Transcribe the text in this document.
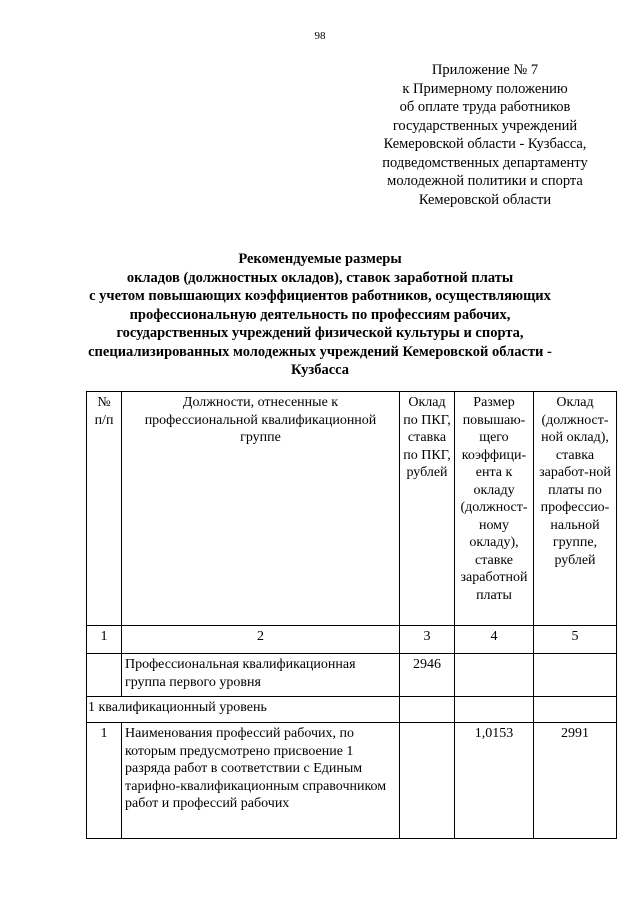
98
Приложение № 7
к Примерному положению
об оплате труда работников
государственных учреждений
Кемеровской области - Кузбасса,
подведомственных департаменту
молодежной политики и спорта
Кемеровской области
Рекомендуемые размеры
окладов (должностных окладов), ставок заработной платы
с учетом повышающих коэффициентов работников, осуществляющих
профессиональную деятельность по профессиям рабочих,
государственных учреждений физической культуры и спорта,
специализированных молодежных учреждений Кемеровской области -
Кузбасса
№ п/п	Должности, отнесенные к профессиональной квалификационной группе	Оклад по ПКГ, ставка по ПКГ, рублей	Размер повышаю-щего коэффици-ента к окладу (должност-ному окладу), ставке заработной платы	Оклад (должност-ной оклад), ставка заработ-ной платы по профессио-нальной группе, рублей
1	2	3	4	5
	Профессиональная квалификационная группа первого уровня	2946		
1 квалификационный уровень				
1	Наименования профессий рабочих, по которым предусмотрено присвоение 1 разряда работ в соответствии с Единым тарифно-квалификационным справочником работ и профессий рабочих		1,0153	2991
